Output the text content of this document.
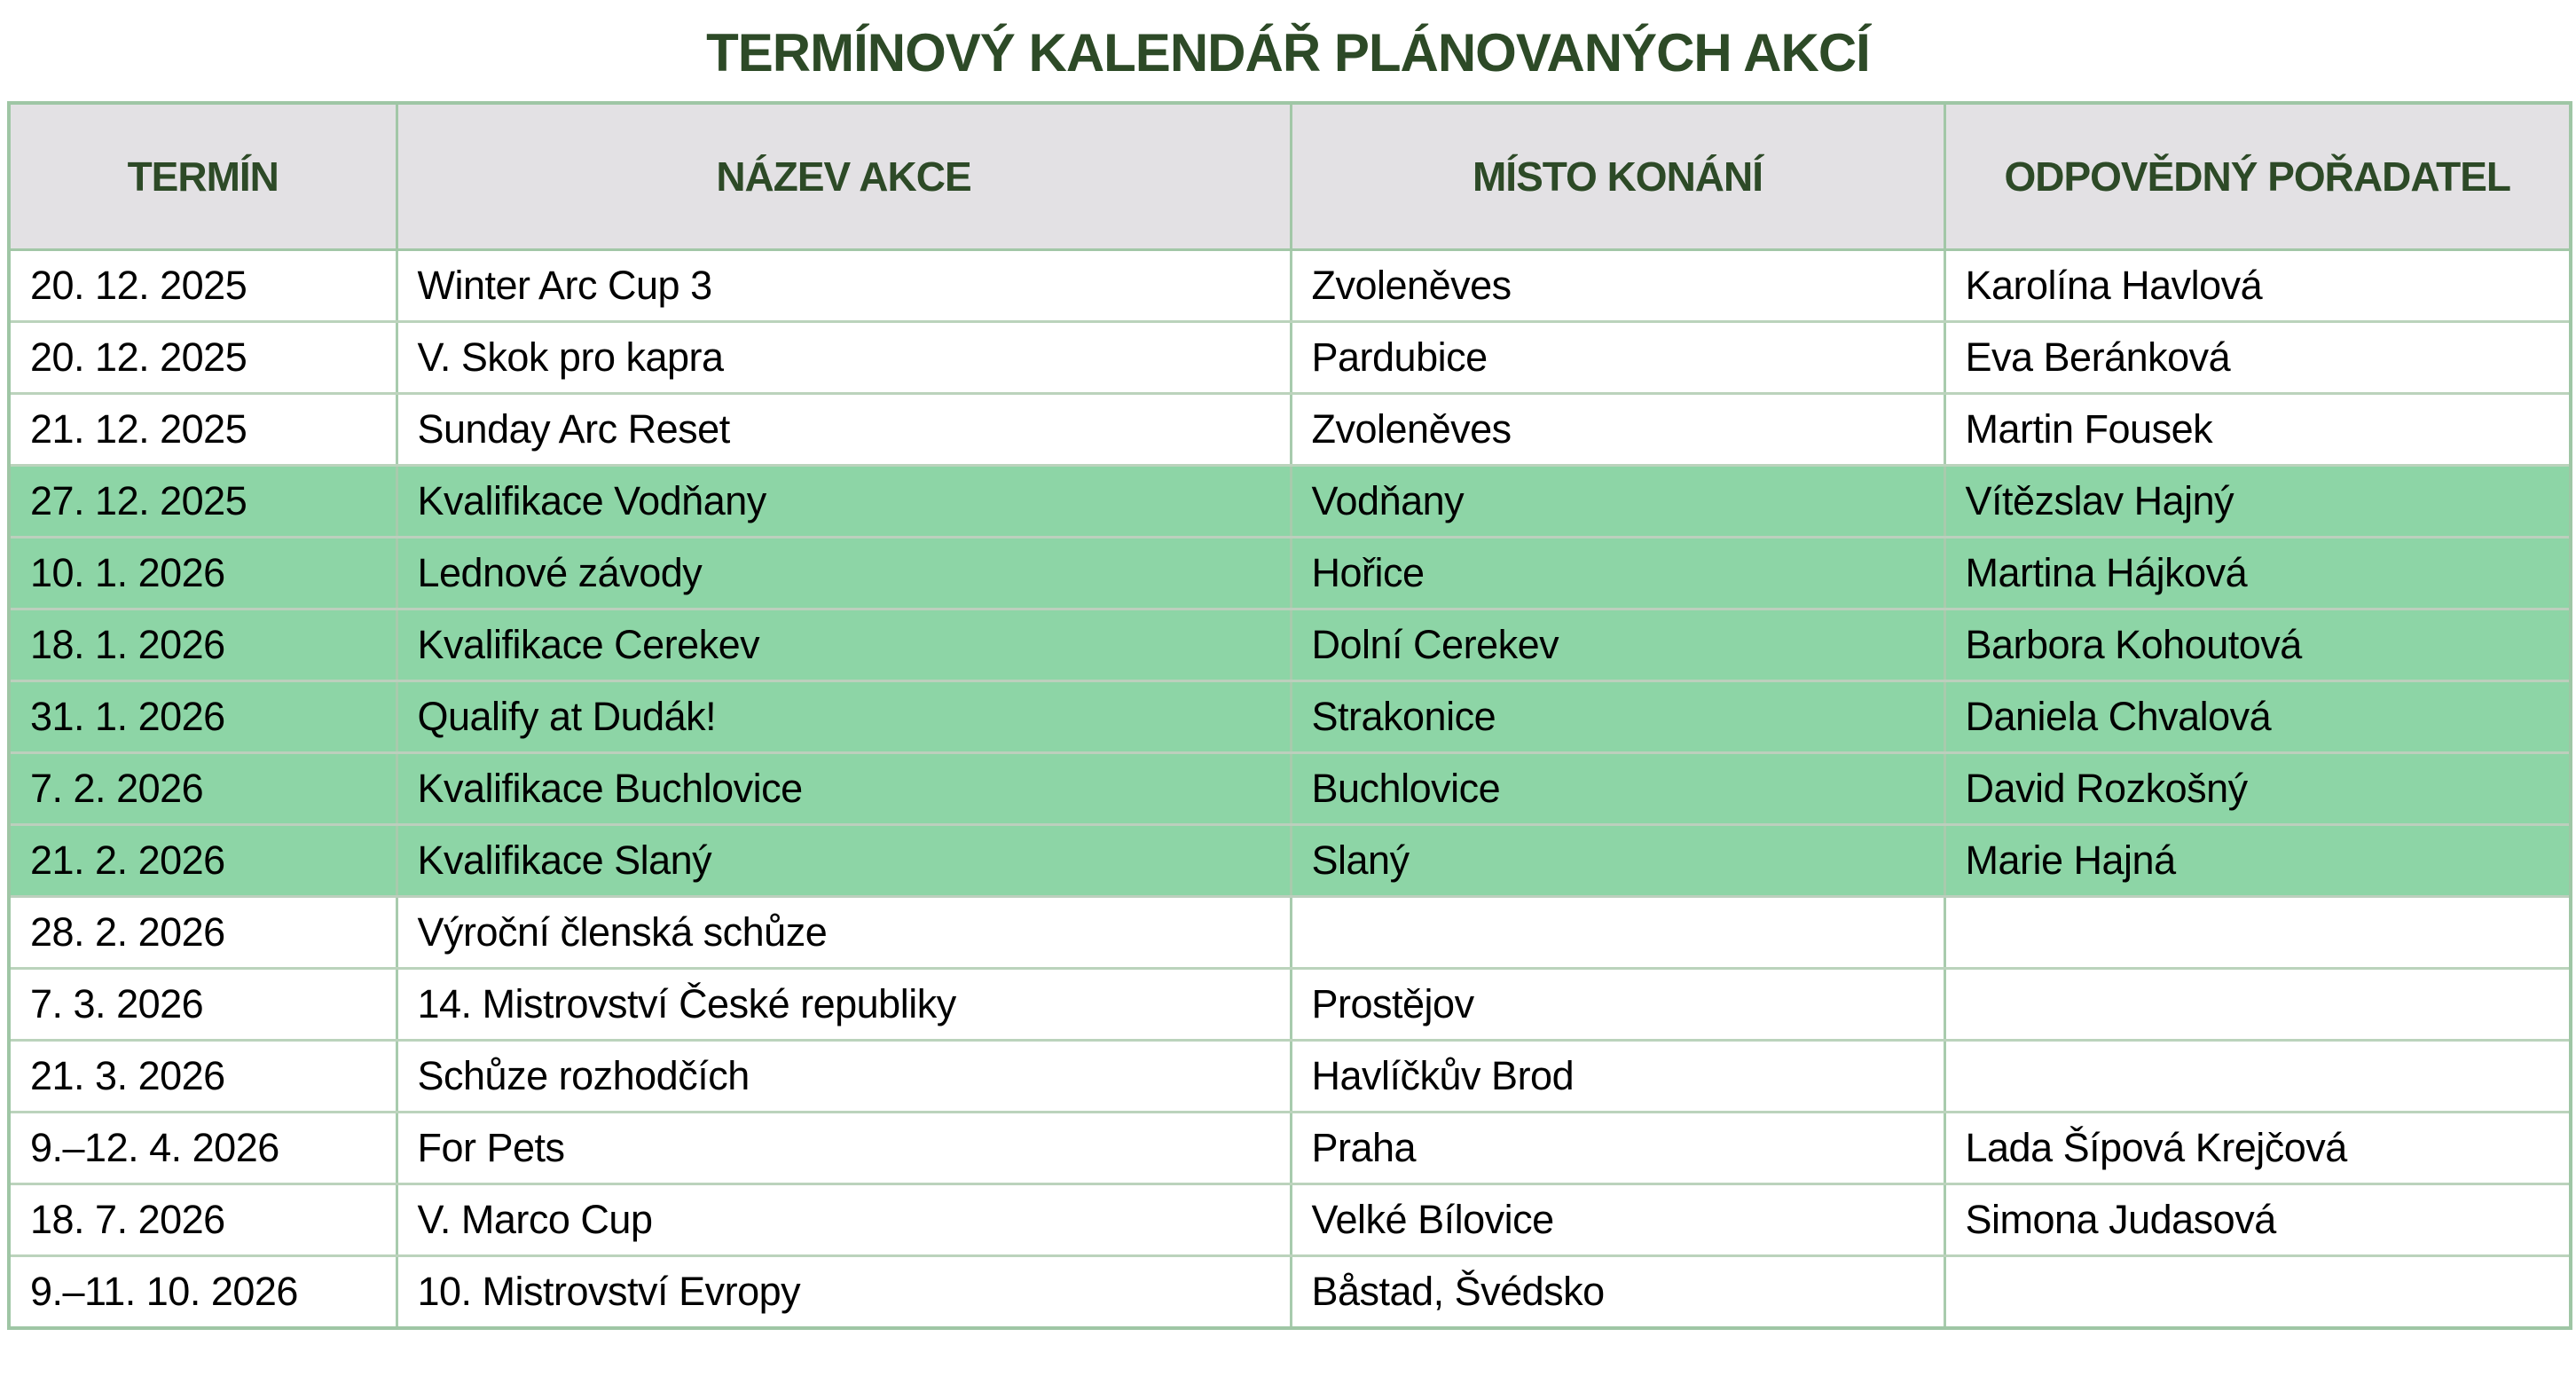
TERMÍNOVÝ KALENDÁŘ PLÁNOVANÝCH AKCÍ
TERMÍN	NÁZEV AKCE	MÍSTO KONÁNÍ	ODPOVĚDNÝ POŘADATEL
20. 12. 2025	Winter Arc Cup 3	Zvoleněves	Karolína Havlová
20. 12. 2025	V. Skok pro kapra	Pardubice	Eva Beránková
21. 12. 2025	Sunday Arc Reset	Zvoleněves	Martin Fousek
27. 12. 2025	Kvalifikace Vodňany	Vodňany	Vítězslav Hajný
10. 1. 2026	Lednové závody	Hořice	Martina Hájková
18. 1. 2026	Kvalifikace Cerekev	Dolní Cerekev	Barbora Kohoutová
31. 1. 2026	Qualify at Dudák!	Strakonice	Daniela Chvalová
7. 2. 2026	Kvalifikace Buchlovice	Buchlovice	David Rozkošný
21. 2. 2026	Kvalifikace Slaný	Slaný	Marie Hajná
28. 2. 2026	Výroční členská schůze		
7. 3. 2026	14. Mistrovství České republiky	Prostějov	
21. 3. 2026	Schůze rozhodčích	Havlíčkův Brod	
9.–12. 4. 2026	For Pets	Praha	Lada Šípová Krejčová
18. 7. 2026	V. Marco Cup	Velké Bílovice	Simona Judasová
9.–11. 10. 2026	10. Mistrovství Evropy	Båstad, Švédsko	
